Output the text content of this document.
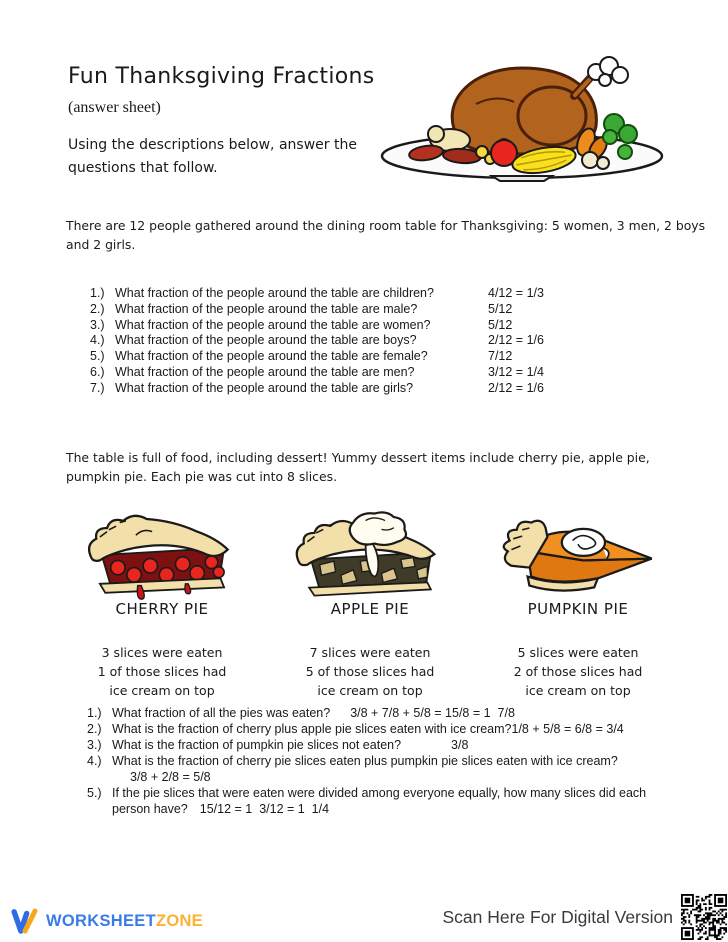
Fun Thanksgiving Fractions
(answer sheet)
Using the descriptions below, answer the questions that follow.
There are 12 people gathered around the dining room table for Thanksgiving: 5 women, 3 men, 2 boys and 2 girls.
1.) What fraction of the people around the table are children?	4/12 = 1/3
2.) What fraction of the people around the table are male?	5/12
3.) What fraction of the people around the table are women?	5/12
4.) What fraction of the people around the table are boys?	2/12 = 1/6
5.) What fraction of the people around the table are female?	7/12
6.) What fraction of the people around the table are men?	3/12 = 1/4
7.) What fraction of the people around the table are girls?	2/12 = 1/6
The table is full of food, including dessert! Yummy dessert items include cherry pie, apple pie, pumpkin pie. Each pie was cut into 8 slices.
CHERRY PIE
3 slices were eaten
1 of those slices had
ice cream on top
APPLE PIE
7 slices were eaten
5 of those slices had
ice cream on top
PUMPKIN PIE
5 slices were eaten
2 of those slices had
ice cream on top
1.) What fraction of all the pies was eaten? 3/8 + 7/8 + 5/8 = 15/8 = 1  7/8
2.) What is the fraction of cherry plus apple pie slices eaten with ice cream?1/8 + 5/8 = 6/8 = 3/4
3.) What is the fraction of pumpkin pie slices not eaten?	3/8
4.) What is the fraction of cherry pie slices eaten plus pumpkin pie slices eaten with ice cream?
3/8 + 2/8 = 5/8
5.) If the pie slices that were eaten were divided among everyone equally, how many slices did each person have? 15/12 = 1  3/12 = 1  1/4
WORKSHEETZONE	Scan Here For Digital Version
